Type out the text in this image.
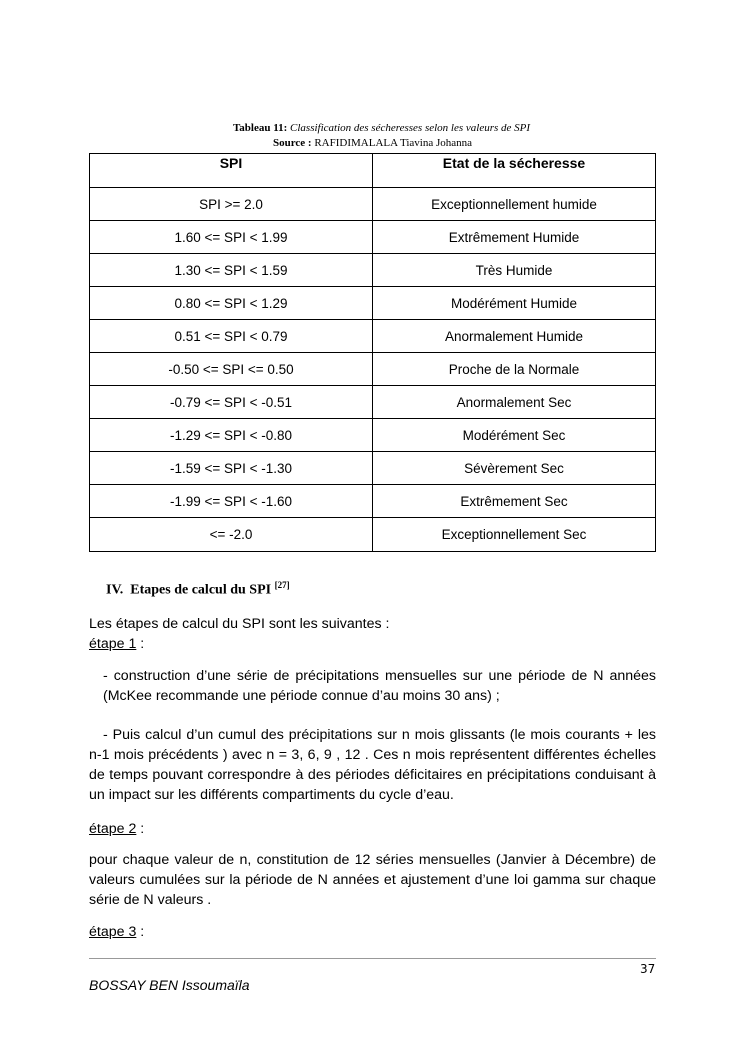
Tableau 11: Classification des sécheresses selon les valeurs de SPI
Source : RAFIDIMALALA Tiavina Johanna
SPI	Etat de la sécheresse
SPI >= 2.0	Exceptionnellement humide
1.60 <= SPI < 1.99	Extrêmement Humide
1.30 <= SPI < 1.59	Très Humide
0.80 <= SPI < 1.29	Modérément Humide
0.51 <= SPI < 0.79	Anormalement Humide
-0.50 <= SPI <= 0.50	Proche de la Normale
-0.79 <= SPI < -0.51	Anormalement Sec
-1.29 <= SPI < -0.80	Modérément Sec
-1.59 <= SPI < -1.30	Sévèrement Sec
-1.99 <= SPI < -1.60	Extrêmement Sec
<= -2.0	Exceptionnellement Sec
IV. Etapes de calcul du SPI [27]
Les étapes de calcul du SPI sont les suivantes :
étape 1 :
- construction d’une série de précipitations mensuelles sur une période de N années (McKee recommande une période connue d’au moins 30 ans) ;
- Puis calcul d’un cumul des précipitations sur n mois glissants (le mois courants + les n-1 mois précédents ) avec n = 3, 6, 9 , 12 . Ces n mois représentent différentes échelles de temps pouvant correspondre à des périodes déficitaires en précipitations conduisant à un impact sur les différents compartiments du cycle d’eau.
étape 2 :
pour chaque valeur de n, constitution de 12 séries mensuelles (Janvier à Décembre) de valeurs cumulées sur la période de N années et ajustement d’une loi gamma sur chaque série de N valeurs .
étape 3 :
37
BOSSAY BEN Issoumaïla
